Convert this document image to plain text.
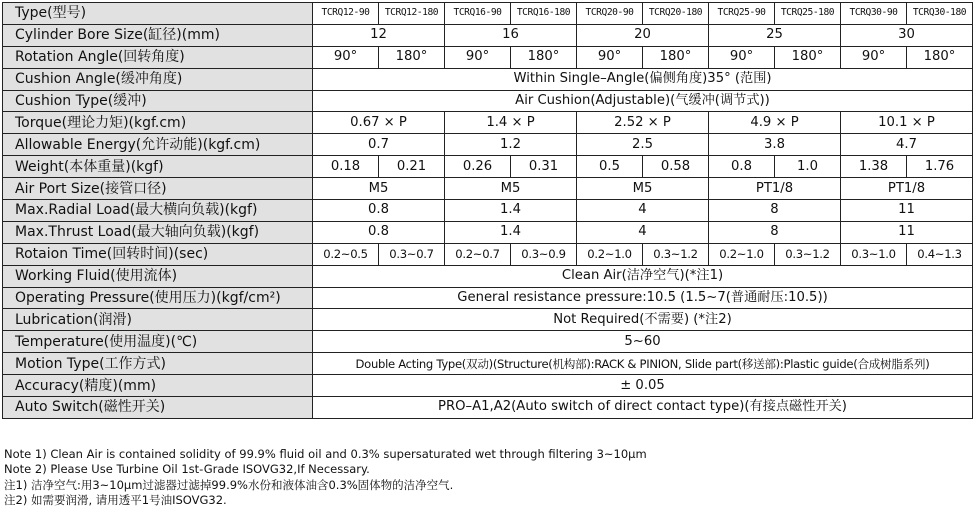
Type(型号)	TCRQ12-90	TCRQ12-180	TCRQ16-90	TCRQ16-180	TCRQ20-90	TCRQ20-180	TCRQ25-90	TCRQ25-180	TCRQ30-90	TCRQ30-180
Cylinder Bore Size(缸径)(mm)	12		16		20		25		30	
Rotation Angle(回转角度)	90°	180°	90°	180°	90°	180°	90°	180°	90°	180°
Cushion Angle(缓冲角度)	Within Single–Angle(偏侧角度)35° (范围)									
Cushion Type(缓冲)	Air Cushion(Adjustable)(气缓冲(调节式))									
Torque(理论力矩)(kgf.cm)	0.67 × P		1.4 × P		2.52 × P		4.9 × P		10.1 × P	
Allowable Energy(允许动能)(kgf.cm)	0.7		1.2		2.5		3.8		4.7	
Weight(本体重量)(kgf)	0.18	0.21	0.26	0.31	0.5	0.58	0.8	1.0	1.38	1.76
Air Port Size(接管口径)	M5		M5		M5		PT1/8		PT1/8	
Max.Radial Load(最大横向负载)(kgf)	0.8		1.4		4		8		11	
Max.Thrust Load(最大轴向负载)(kgf)	0.8		1.4		4		8		11	
Rotaion Time(回转时间)(sec)	0.2~0.5	0.3~0.7	0.2~0.7	0.3~0.9	0.2~1.0	0.3~1.2	0.2~1.0	0.3~1.2	0.3~1.0	0.4~1.3
Working Fluid(使用流体)	Clean Air(洁净空气)(*注1)									
Operating Pressure(使用压力)(kgf/cm²)	General resistance pressure:10.5 (1.5~7(普通耐压:10.5))									
Lubrication(润滑)	Not Required(不需要) (*注2)									
Temperature(使用温度)(℃)	5~60									
Motion Type(工作方式)	Double Acting Type(双动)(Structure(机构部):RACK & PINION, Slide part(移送部):Plastic guide(合成树脂系列)									
Accuracy(精度)(mm)	± 0.05									
Auto Switch(磁性开关)	PRO–A1,A2(Auto switch of direct contact type)(有接点磁性开关)									
Note 1) Clean Air is contained solidity of 99.9% fluid oil and 0.3% supersaturated wet through filtering 3~10μm
Note 2) Please Use Turbine Oil 1st-Grade ISOVG32,If Necessary.
注1) 洁净空气:用3~10μm过滤器过滤掉99.9%水份和液体油含0.3%固体物的洁净空气.
注2) 如需要润滑, 请用透平1号油ISOVG32.
